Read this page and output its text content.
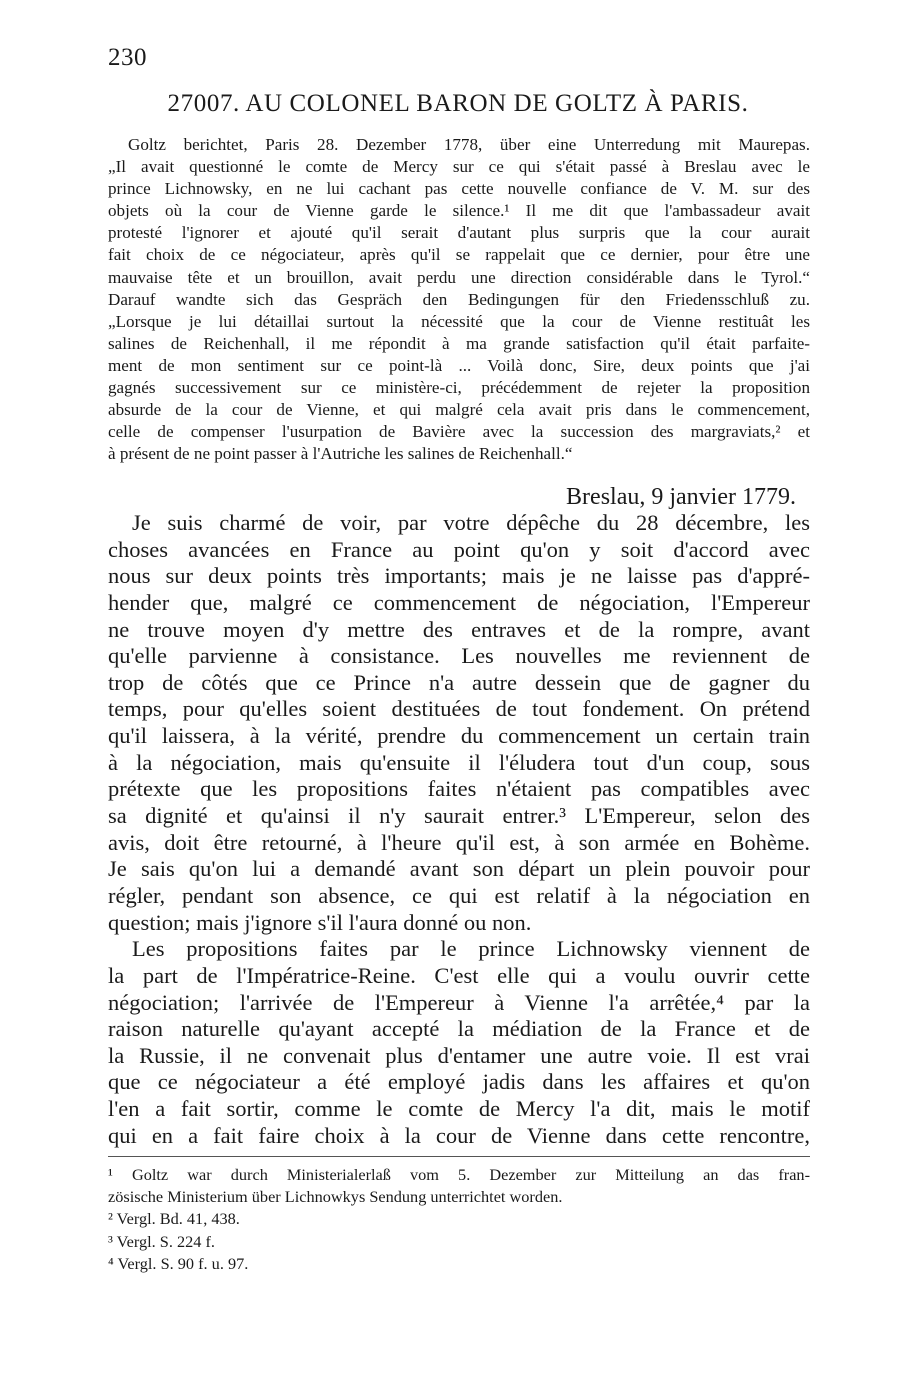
230
27007. AU COLONEL BARON DE GOLTZ À PARIS.
Goltz berichtet, Paris 28. Dezember 1778, über eine Unterredung mit Maurepas.
„Il avait questionné le comte de Mercy sur ce qui s'était passé à Breslau avec le
prince Lichnowsky, en ne lui cachant pas cette nouvelle confiance de V. M. sur des
objets où la cour de Vienne garde le silence.¹ Il me dit que l'ambassadeur avait
protesté l'ignorer et ajouté qu'il serait d'autant plus surpris que la cour aurait
fait choix de ce négociateur, après qu'il se rappelait que ce dernier, pour être une
mauvaise tête et un brouillon, avait perdu une direction considérable dans le Tyrol.“
Darauf wandte sich das Gespräch den Bedingungen für den Friedensschluß zu.
„Lorsque je lui détaillai surtout la nécessité que la cour de Vienne restituât les
salines de Reichenhall, il me répondit à ma grande satisfaction qu'il était parfaite-
ment de mon sentiment sur ce point-là ... Voilà donc, Sire, deux points que j'ai
gagnés successivement sur ce ministère-ci, précédemment de rejeter la proposition
absurde de la cour de Vienne, et qui malgré cela avait pris dans le commencement,
celle de compenser l'usurpation de Bavière avec la succession des margraviats,² et
à présent de ne point passer à l'Autriche les salines de Reichenhall.“
Breslau, 9 janvier 1779.
Je suis charmé de voir, par votre dépêche du 28 décembre, les
choses avancées en France au point qu'on y soit d'accord avec
nous sur deux points très importants; mais je ne laisse pas d'appré-
hender que, malgré ce commencement de négociation, l'Empereur
ne trouve moyen d'y mettre des entraves et de la rompre, avant
qu'elle parvienne à consistance. Les nouvelles me reviennent de
trop de côtés que ce Prince n'a autre dessein que de gagner du
temps, pour qu'elles soient destituées de tout fondement. On prétend
qu'il laissera, à la vérité, prendre du commencement un certain train
à la négociation, mais qu'ensuite il l'éludera tout d'un coup, sous
prétexte que les propositions faites n'étaient pas compatibles avec
sa dignité et qu'ainsi il n'y saurait entrer.³ L'Empereur, selon des
avis, doit être retourné, à l'heure qu'il est, à son armée en Bohème.
Je sais qu'on lui a demandé avant son départ un plein pouvoir pour
régler, pendant son absence, ce qui est relatif à la négociation en
question; mais j'ignore s'il l'aura donné ou non.
Les propositions faites par le prince Lichnowsky viennent de
la part de l'Impératrice-Reine. C'est elle qui a voulu ouvrir cette
négociation; l'arrivée de l'Empereur à Vienne l'a arrêtée,⁴ par la
raison naturelle qu'ayant accepté la médiation de la France et de
la Russie, il ne convenait plus d'entamer une autre voie. Il est vrai
que ce négociateur a été employé jadis dans les affaires et qu'on
l'en a fait sortir, comme le comte de Mercy l'a dit, mais le motif
qui en a fait faire choix à la cour de Vienne dans cette rencontre,
¹ Goltz war durch Ministerialerlaß vom 5. Dezember zur Mitteilung an das fran-
zösische Ministerium über Lichnowkys Sendung unterrichtet worden.
² Vergl. Bd. 41, 438.
³ Vergl. S. 224 f.
⁴ Vergl. S. 90 f. u. 97.
